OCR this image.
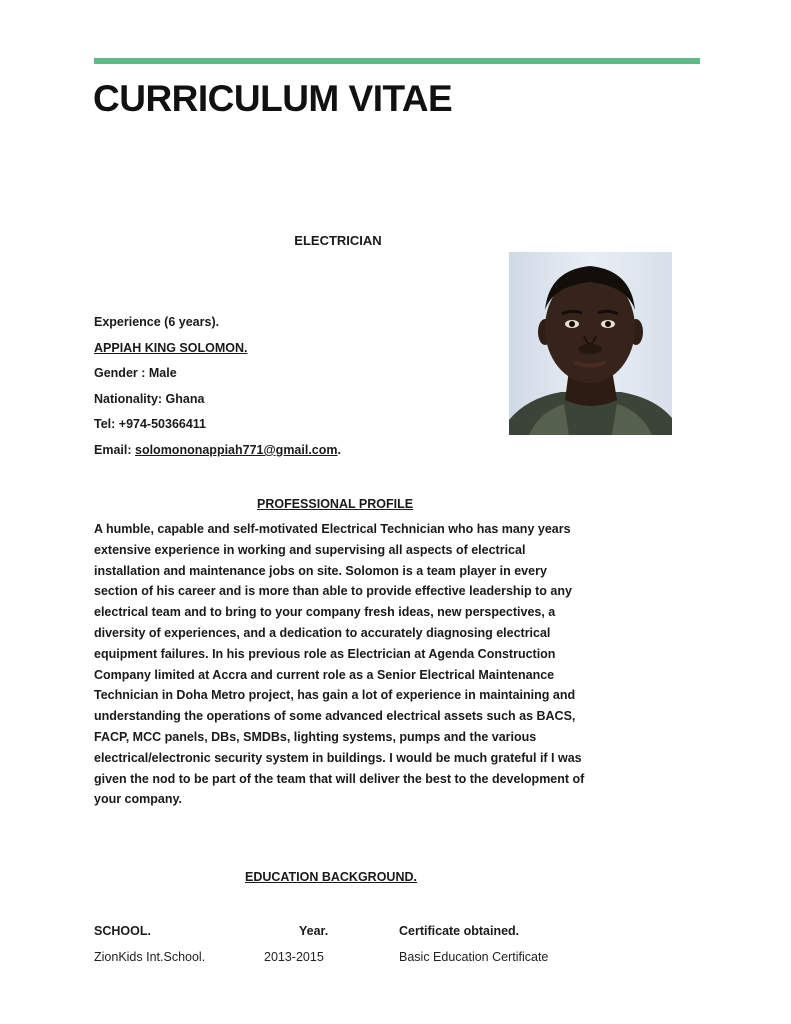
CURRICULUM VITAE
ELECTRICIAN
Experience (6 years).
APPIAH KING SOLOMON.
Gender : Male
Nationality: Ghana
Tel: +974-50366411
Email: solomononappiah771@gmail.com.
PROFESSIONAL PROFILE

A humble, capable and self-motivated Electrical Technician who has many years extensive experience in working and supervising all aspects of electrical installation and maintenance jobs on site. Solomon is a team player in every section of his career and is more than able to provide effective leadership to any electrical team and to bring to your company fresh ideas, new perspectives, a diversity of experiences, and a dedication to accurately diagnosing electrical equipment failures. In his previous role as Electrician at Agenda Construction Company limited at Accra and current role as a Senior Electrical Maintenance Technician in Doha Metro project, has gain a lot of experience in maintaining and understanding the operations of some advanced electrical assets such as BACS, FACP, MCC panels, DBs, SMDBs, lighting systems, pumps and the various electrical/electronic security system in buildings. I would be much grateful if I was given the nod to be part of the team that will deliver the best to the development of your company.

EDUCATION BACKGROUND.
SCHOOL.	Year.	Certificate obtained.
ZionKids Int.School.	2013-2015	Basic Education Certificate
